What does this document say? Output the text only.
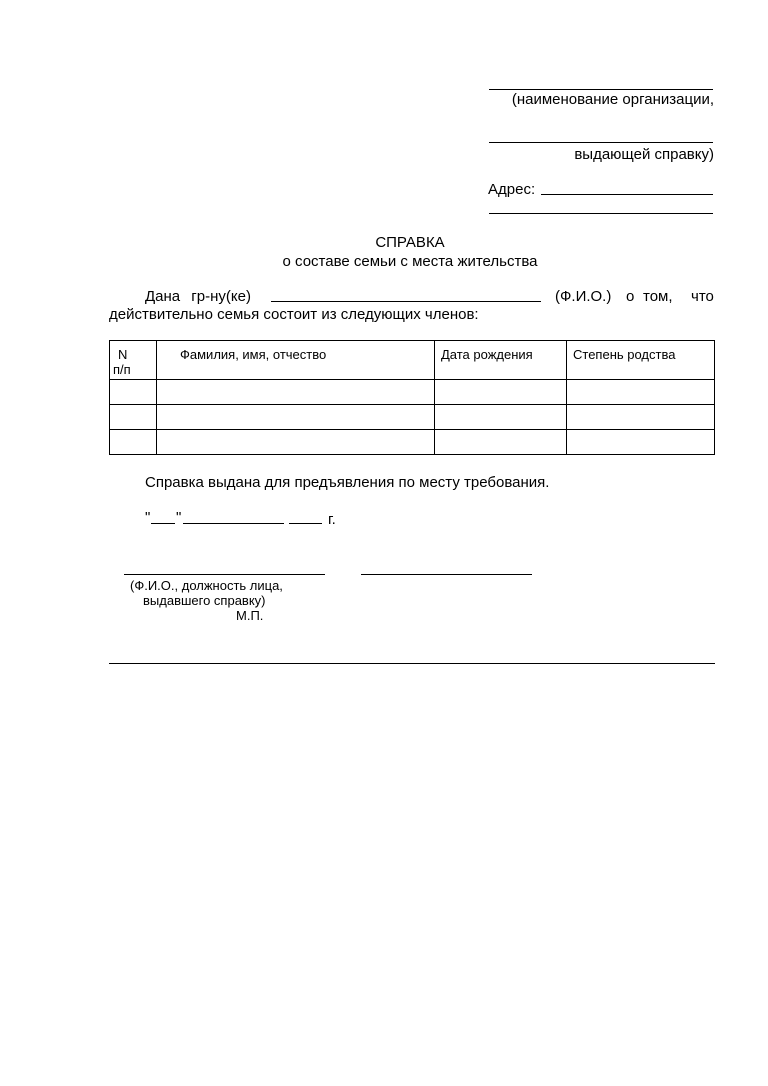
(наименование организации,
выдающей справку)
Адрес:
СПРАВКА
о составе семьи с места жительства
Дана гр-ну(ке)	(Ф.И.О.) о том, что
действительно семья состоит из следующих членов:
N
п/п	Фамилия, имя, отчество	Дата рождения	Степень родства

Справка выдана для предъявления по месту требования.
" "	г.
(Ф.И.О., должность лица,
выдавшего справку)
М.П.
